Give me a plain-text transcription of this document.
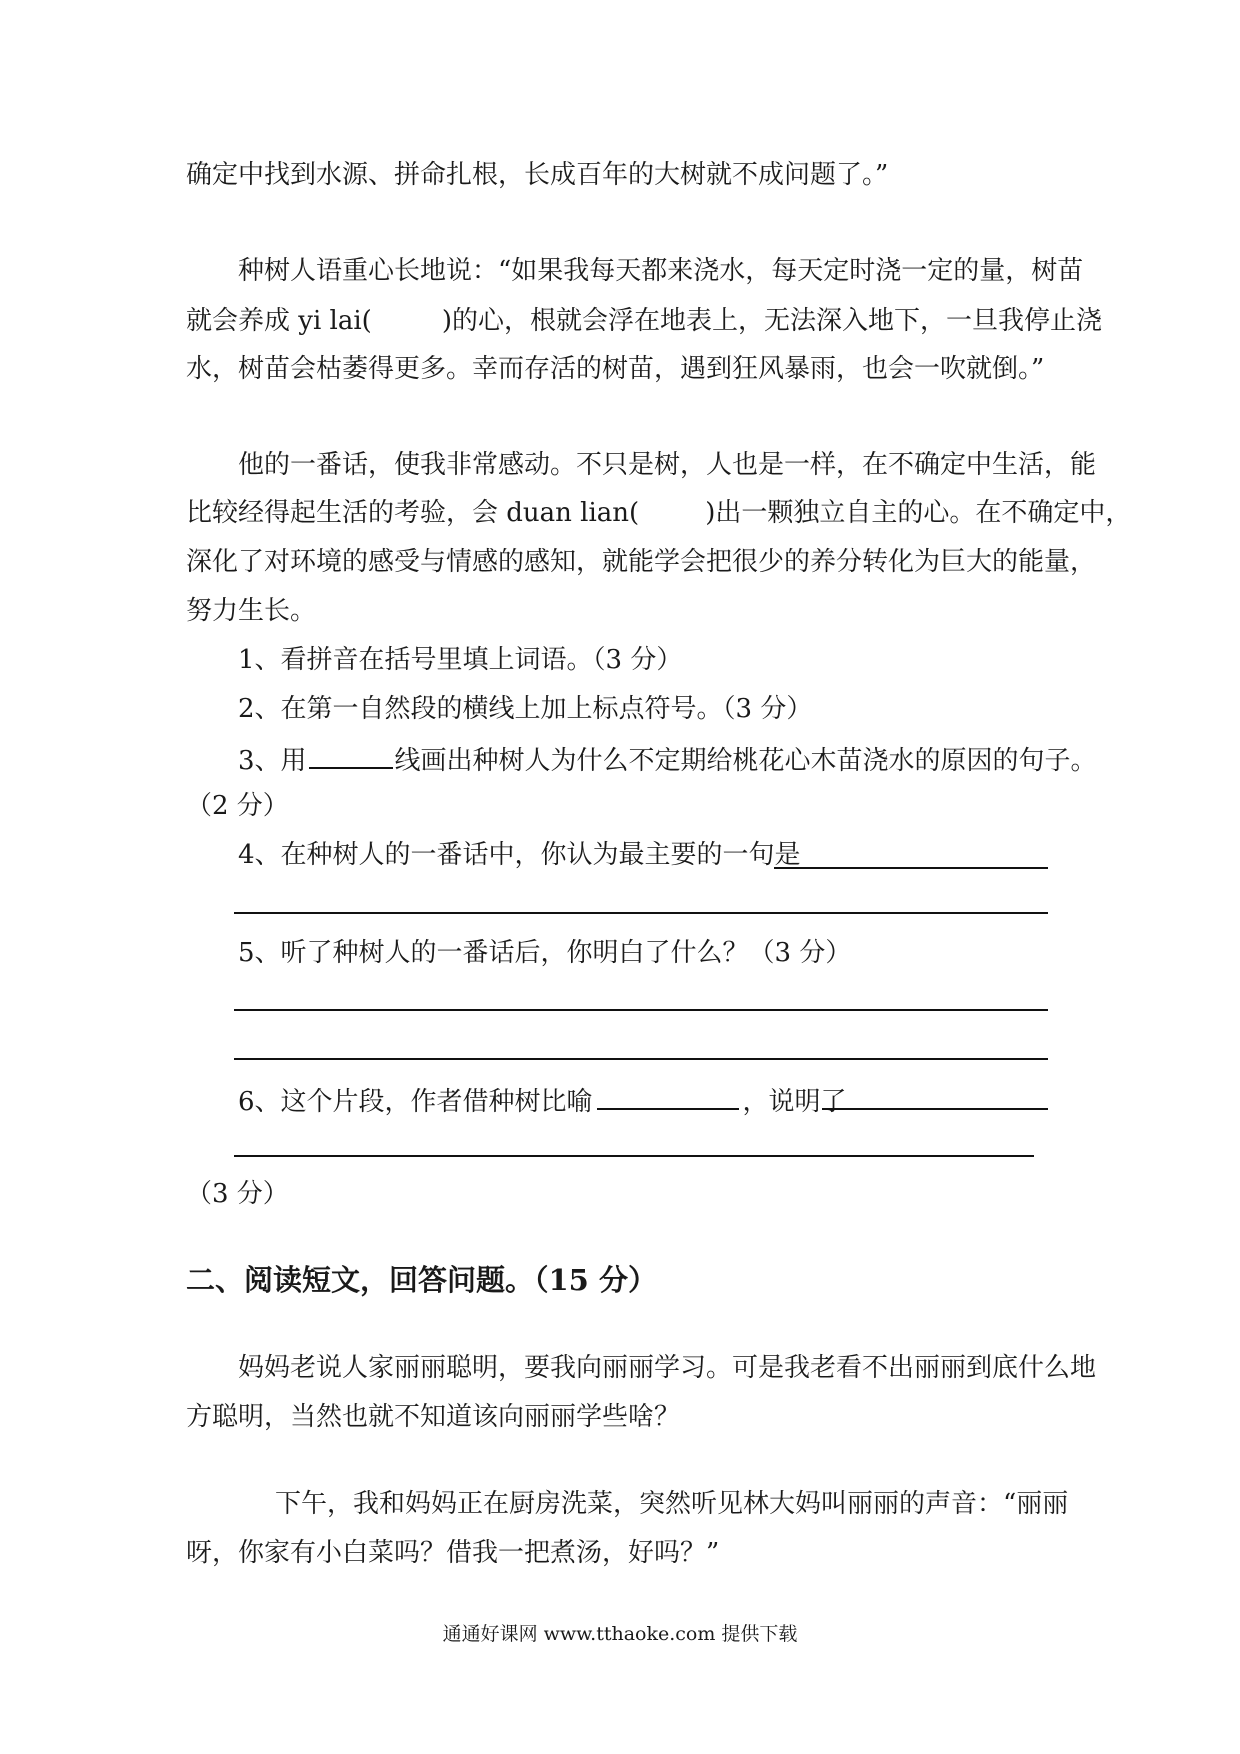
确定中找到水源、拼命扎根，长成百年的大树就不成问题了。”
种树人语重心长地说：“如果我每天都来浇水，每天定时浇一定的量，树苗
就会养成 yi lai(	)的心，根就会浮在地表上，无法深入地下，一旦我停止浇
水，树苗会枯萎得更多。幸而存活的树苗，遇到狂风暴雨，也会一吹就倒。”
他的一番话，使我非常感动。不只是树，人也是一样，在不确定中生活，能
比较经得起生活的考验，会 duan lian(	)出一颗独立自主的心。在不确定中，
深化了对环境的感受与情感的感知，就能学会把很少的养分转化为巨大的能量，
努力生长。
1、看拼音在括号里填上词语。（3 分）
2、在第一自然段的横线上加上标点符号。（3 分）
3、用	线画出种树人为什么不定期给桃花心木苗浇水的原因的句子。
（2 分）
4、在种树人的一番话中，你认为最主要的一句是
5、听了种树人的一番话后，你明白了什么？（3 分）
6、这个片段，作者借种树比喻	，说明了
（3 分）
二、阅读短文，回答问题。（15 分）
妈妈老说人家丽丽聪明，要我向丽丽学习。可是我老看不出丽丽到底什么地
方聪明，当然也就不知道该向丽丽学些啥？
下午，我和妈妈正在厨房洗菜，突然听见林大妈叫丽丽的声音：“丽丽
呀，你家有小白菜吗？借我一把煮汤，好吗？”
通通好课网 www.tthaoke.com 提供下载
